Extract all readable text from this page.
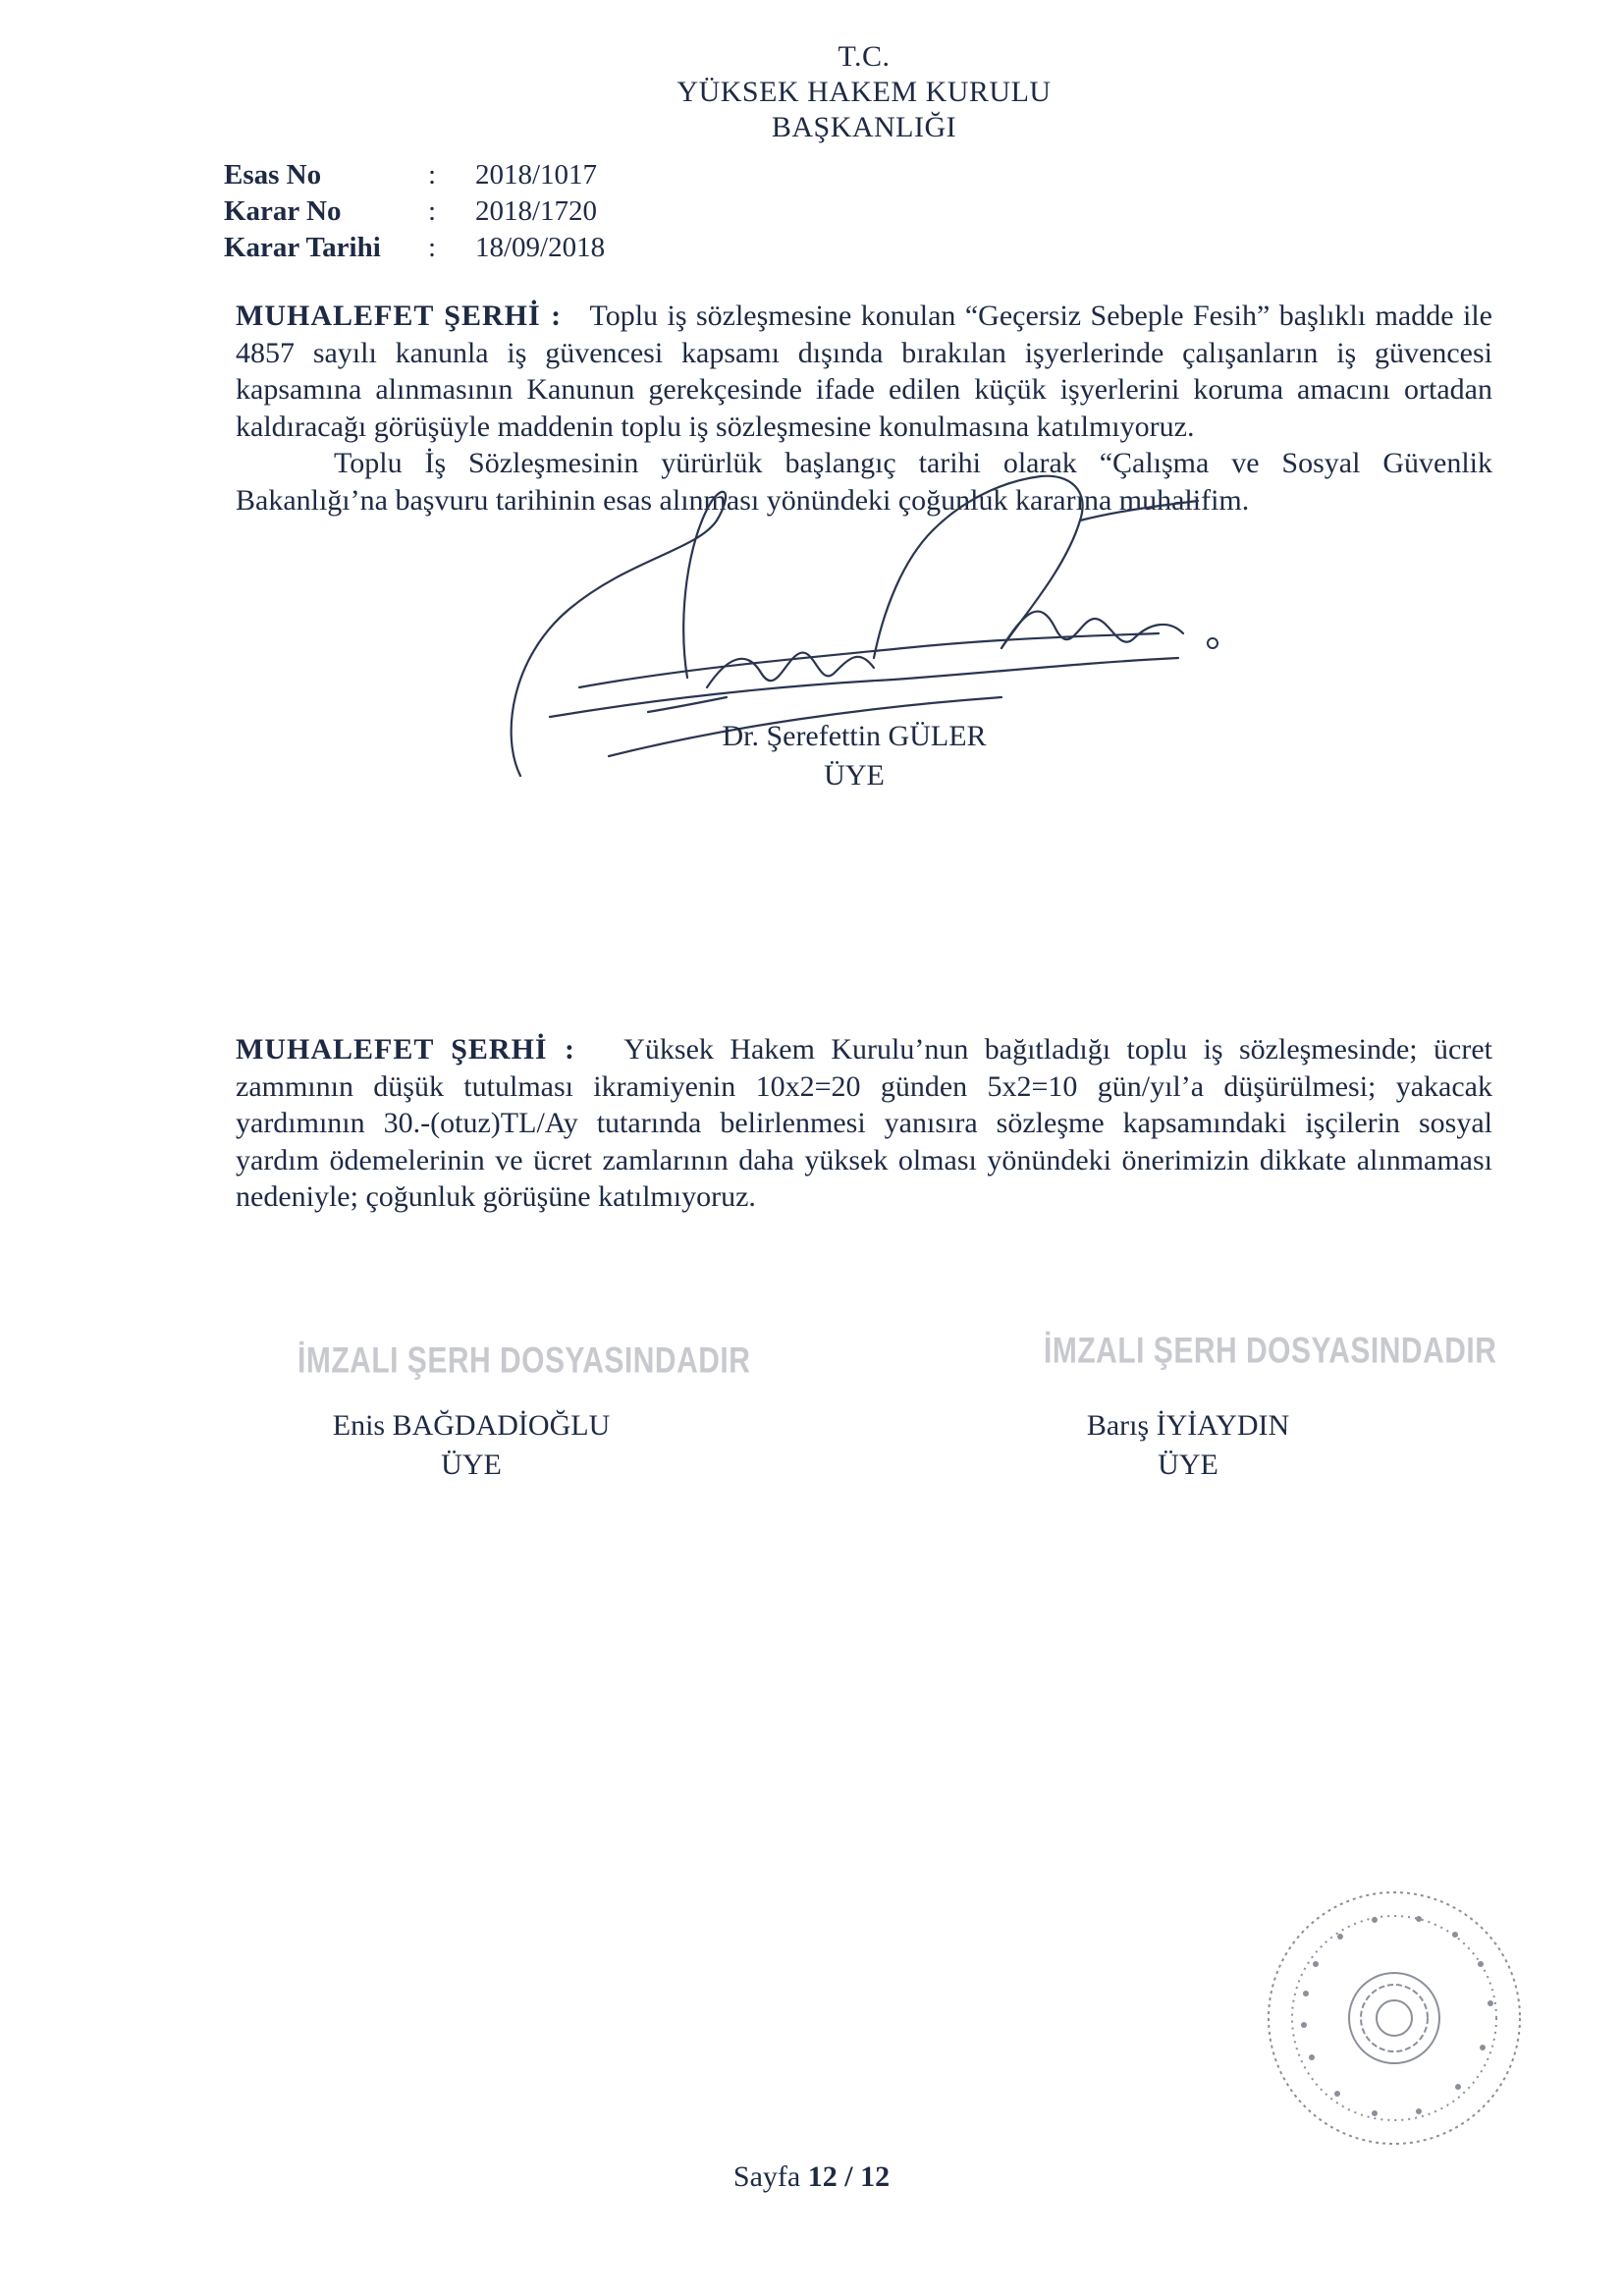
T.C.
YÜKSEK HAKEM KURULU
BAŞKANLIĞI
Esas No	:	2018/1017
Karar No	:	2018/1720
Karar Tarihi	:	18/09/2018

MUHALEFET ŞERHİ : Toplu iş sözleşmesine konulan “Geçersiz Sebeple Fesih” başlıklı madde ile 4857 sayılı kanunla iş güvencesi kapsamı dışında bırakılan işyerlerinde çalışanların iş güvencesi kapsamına alınmasının Kanunun gerekçesinde ifade edilen küçük işyerlerini koruma amacını ortadan kaldıracağı görüşüyle maddenin toplu iş sözleşmesine konulmasına katılmıyoruz.

Toplu İş Sözleşmesinin yürürlük başlangıç tarihi olarak “Çalışma ve Sosyal Güvenlik Bakanlığı’na başvuru tarihinin esas alınması yönündeki çoğunluk kararına muhalifim.

Dr. Şerefettin GÜLER
ÜYE

MUHALEFET ŞERHİ : Yüksek Hakem Kurulu’nun bağıtladığı toplu iş sözleşmesinde; ücret zammının düşük tutulması ikramiyenin 10x2=20 günden 5x2=10 gün/yıl’a düşürülmesi; yakacak yardımının 30.-(otuz)TL/Ay tutarında belirlenmesi yanısıra sözleşme kapsamındaki işçilerin sosyal yardım ödemelerinin ve ücret zamlarının daha yüksek olması yönündeki önerimizin dikkate alınmaması nedeniyle; çoğunluk görüşüne katılmıyoruz.

İMZALI ŞERH DOSYASINDADIR	İMZALI ŞERH DOSYASINDADIR
Enis BAĞDADİOĞLU
ÜYE
Barış İYİAYDIN
ÜYE
Sayfa 12 / 12
